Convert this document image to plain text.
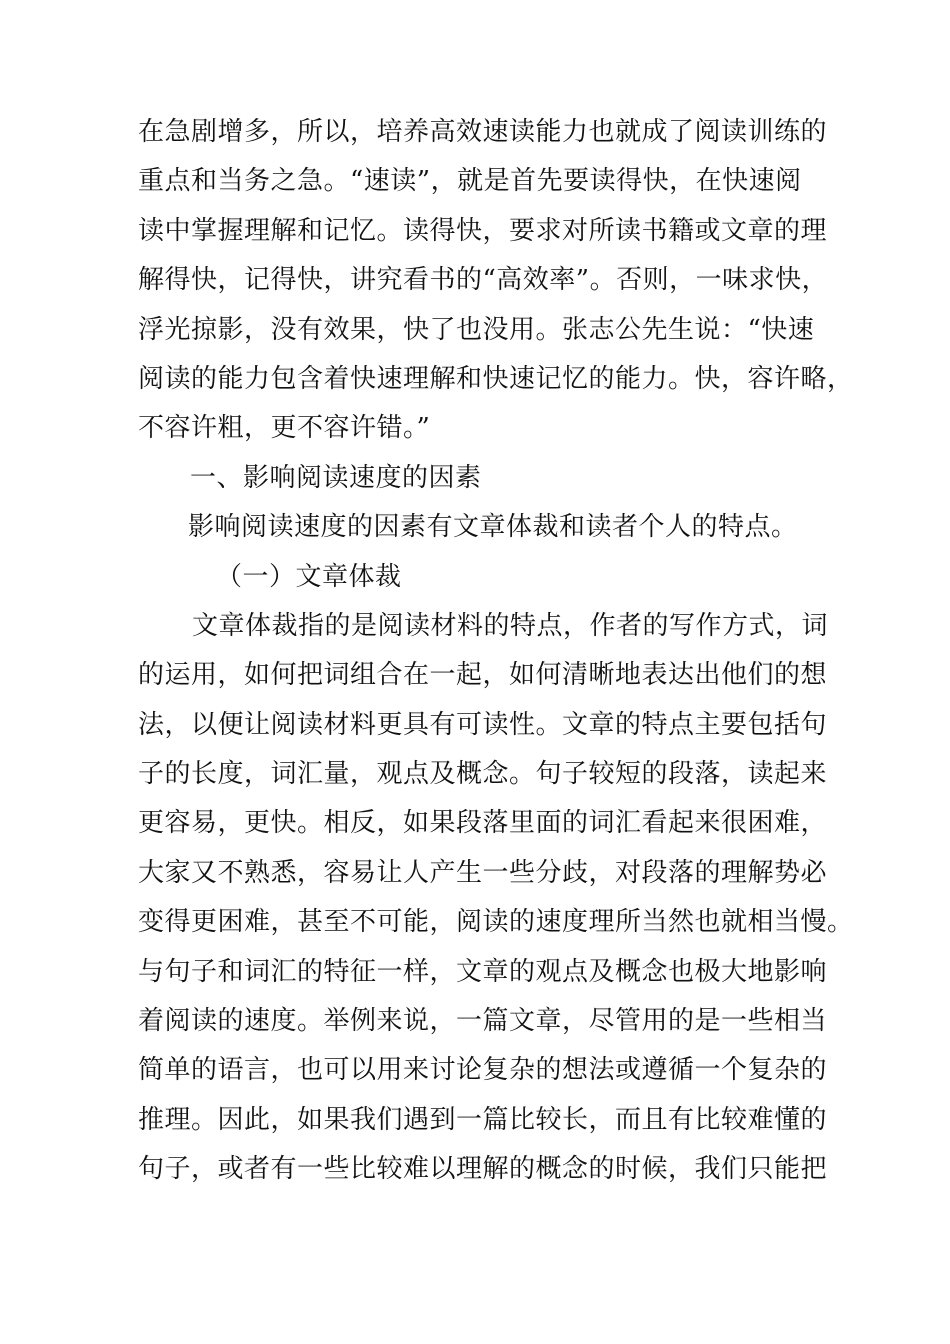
在急剧增多，所以，培养高效速读能力也就成了阅读训练的
重点和当务之急。“速读”，就是首先要读得快，在快速阅
读中掌握理解和记忆。读得快，要求对所读书籍或文章的理
解得快，记得快，讲究看书的“高效率”。否则，一味求快，
浮光掠影，没有效果，快了也没用。张志公先生说：“快速
阅读的能力包含着快速理解和快速记忆的能力。快，容许略，
不容许粗，更不容许错。”
一、影响阅读速度的因素
影响阅读速度的因素有文章体裁和读者个人的特点。
（一）文章体裁
文章体裁指的是阅读材料的特点，作者的写作方式，词
的运用，如何把词组合在一起，如何清晰地表达出他们的想
法，以便让阅读材料更具有可读性。文章的特点主要包括句
子的长度，词汇量，观点及概念。句子较短的段落，读起来
更容易，更快。相反，如果段落里面的词汇看起来很困难，
大家又不熟悉，容易让人产生一些分歧，对段落的理解势必
变得更困难，甚至不可能，阅读的速度理所当然也就相当慢。
与句子和词汇的特征一样，文章的观点及概念也极大地影响
着阅读的速度。举例来说，一篇文章，尽管用的是一些相当
简单的语言，也可以用来讨论复杂的想法或遵循一个复杂的
推理。因此，如果我们遇到一篇比较长，而且有比较难懂的
句子，或者有一些比较难以理解的概念的时候，我们只能把
